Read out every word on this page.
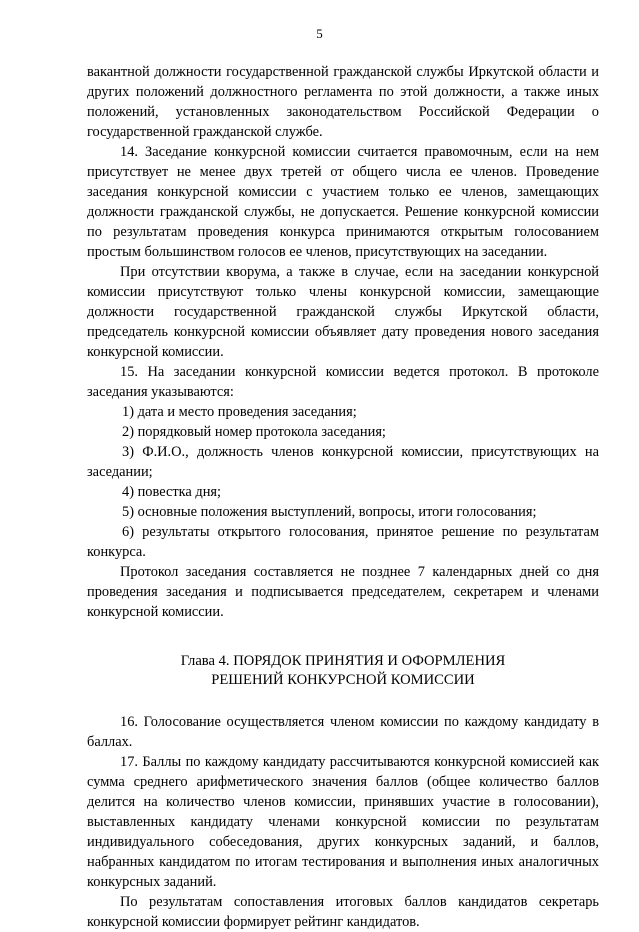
5

вакантной должности государственной гражданской службы Иркутской области и других положений должностного регламента по этой должности, а также иных положений, установленных законодательством Российской Федерации о государственной гражданской службе.

14. Заседание конкурсной комиссии считается правомочным, если на нем присутствует не менее двух третей от общего числа ее членов. Проведение заседания конкурсной комиссии с участием только ее членов, замещающих должности гражданской службы, не допускается. Решение конкурсной комиссии по результатам проведения конкурса принимаются открытым голосованием простым большинством голосов ее членов, присутствующих на заседании.

При отсутствии кворума, а также в случае, если на заседании конкурсной комиссии присутствуют только члены конкурсной комиссии, замещающие должности государственной гражданской службы Иркутской области, председатель конкурсной комиссии объявляет дату проведения нового заседания конкурсной комиссии.

15. На заседании конкурсной комиссии ведется протокол. В протоколе заседания указываются:

1) дата и место проведения заседания;

2) порядковый номер протокола заседания;

3) Ф.И.О., должность членов конкурсной комиссии, присутствующих на заседании;

4) повестка дня;

5) основные положения выступлений, вопросы, итоги голосования;

6) результаты открытого голосования, принятое решение по результатам конкурса.

Протокол заседания составляется не позднее 7 календарных дней со дня проведения заседания и подписывается председателем, секретарем и членами конкурсной комиссии.

Глава 4. ПОРЯДОК ПРИНЯТИЯ И ОФОРМЛЕНИЯ
РЕШЕНИЙ КОНКУРСНОЙ КОМИССИИ

16. Голосование осуществляется членом комиссии по каждому кандидату в баллах.

17. Баллы по каждому кандидату рассчитываются конкурсной комиссией как сумма среднего арифметического значения баллов (общее количество баллов делится на количество членов комиссии, принявших участие в голосовании), выставленных кандидату членами конкурсной комиссии по результатам индивидуального собеседования, других конкурсных заданий, и баллов, набранных кандидатом по итогам тестирования и выполнения иных аналогичных конкурсных заданий.

По результатам сопоставления итоговых баллов кандидатов секретарь конкурсной комиссии формирует рейтинг кандидатов.
